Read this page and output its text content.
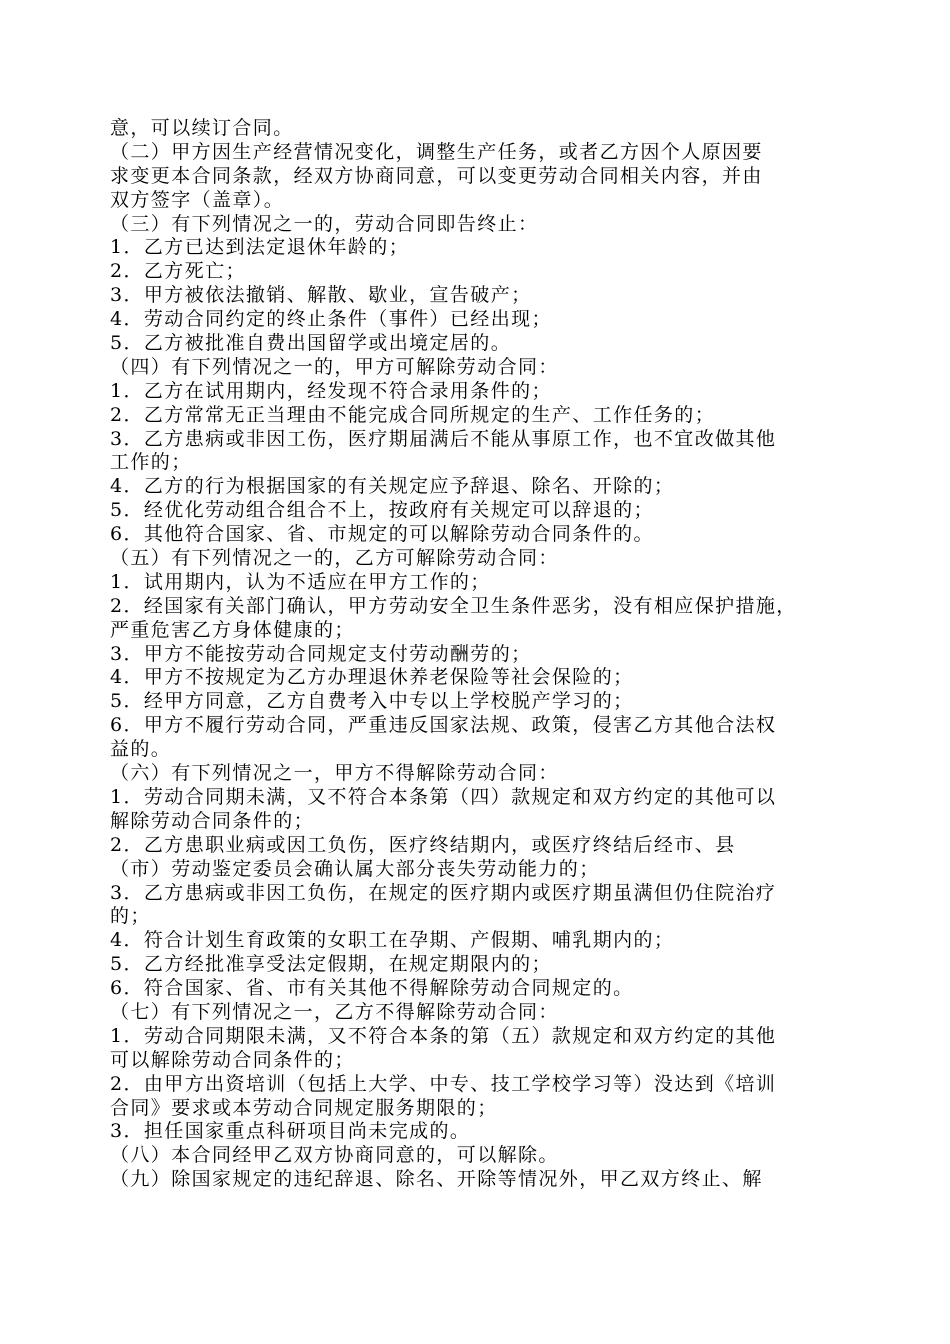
意，可以续订合同。
（二）甲方因生产经营情况变化，调整生产任务，或者乙方因个人原因要
求变更本合同条款，经双方协商同意，可以变更劳动合同相关内容，并由
双方签字（盖章）。
（三）有下列情况之一的，劳动合同即告终止：
1．乙方已达到法定退休年龄的；
2．乙方死亡；
3．甲方被依法撤销、解散、歇业，宣告破产；
4．劳动合同约定的终止条件（事件）已经出现；
5．乙方被批准自费出国留学或出境定居的。
（四）有下列情况之一的，甲方可解除劳动合同：
1．乙方在试用期内，经发现不符合录用条件的；
2．乙方常常无正当理由不能完成合同所规定的生产、工作任务的；
3．乙方患病或非因工伤，医疗期届满后不能从事原工作，也不宜改做其他
工作的；
4．乙方的行为根据国家的有关规定应予辞退、除名、开除的；
5．经优化劳动组合组合不上，按政府有关规定可以辞退的；
6．其他符合国家、省、市规定的可以解除劳动合同条件的。
（五）有下列情况之一的，乙方可解除劳动合同：
1．试用期内，认为不适应在甲方工作的；
2．经国家有关部门确认，甲方劳动安全卫生条件恶劣，没有相应保护措施，
严重危害乙方身体健康的；
3．甲方不能按劳动合同规定支付劳动酬劳的；
4．甲方不按规定为乙方办理退休养老保险等社会保险的；
5．经甲方同意，乙方自费考入中专以上学校脱产学习的；
6．甲方不履行劳动合同，严重违反国家法规、政策，侵害乙方其他合法权
益的。
（六）有下列情况之一，甲方不得解除劳动合同：
1．劳动合同期未满，又不符合本条第（四）款规定和双方约定的其他可以
解除劳动合同条件的；
2．乙方患职业病或因工负伤，医疗终结期内，或医疗终结后经市、县
（市）劳动鉴定委员会确认属大部分丧失劳动能力的；
3．乙方患病或非因工负伤，在规定的医疗期内或医疗期虽满但仍住院治疗
的；
4．符合计划生育政策的女职工在孕期、产假期、哺乳期内的；
5．乙方经批准享受法定假期，在规定期限内的；
6．符合国家、省、市有关其他不得解除劳动合同规定的。
（七）有下列情况之一，乙方不得解除劳动合同：
1．劳动合同期限未满，又不符合本条的第（五）款规定和双方约定的其他
可以解除劳动合同条件的；
2．由甲方出资培训（包括上大学、中专、技工学校学习等）没达到《培训
合同》要求或本劳动合同规定服务期限的；
3．担任国家重点科研项目尚未完成的。
（八）本合同经甲乙双方协商同意的，可以解除。
（九）除国家规定的违纪辞退、除名、开除等情况外，甲乙双方终止、解
